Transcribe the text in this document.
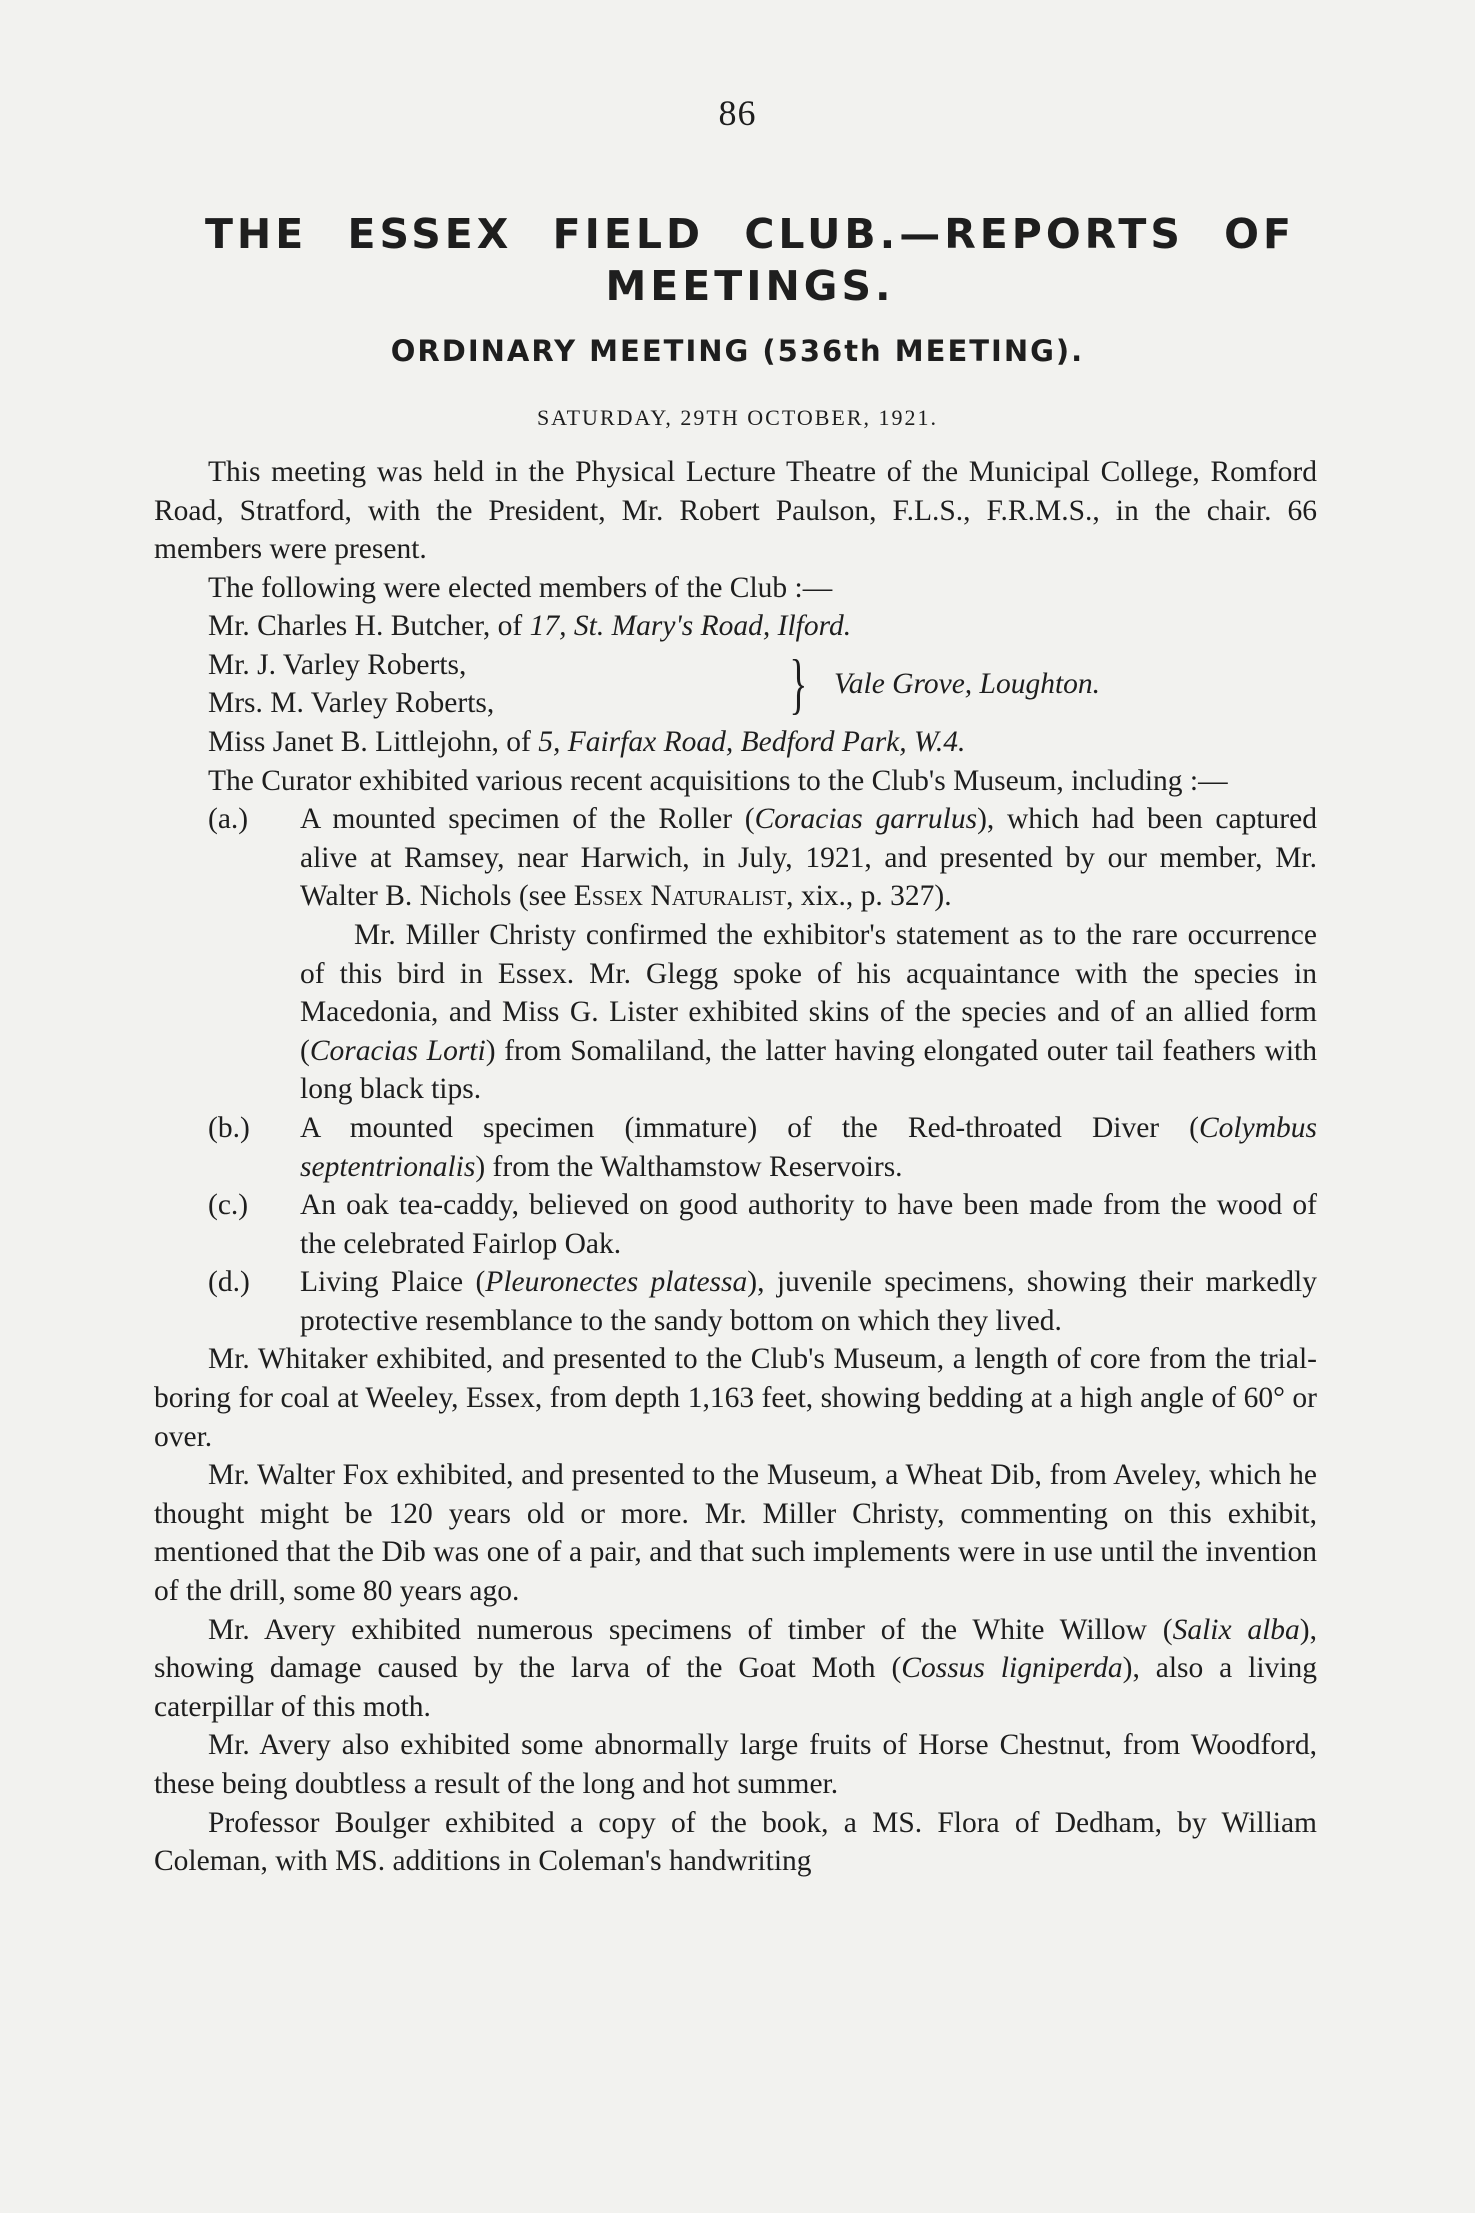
86
THE ESSEX FIELD CLUB.—REPORTS OF
MEETINGS.
ORDINARY MEETING (536th MEETING).
SATURDAY, 29TH OCTOBER, 1921.

This meeting was held in the Physical Lecture Theatre of the Municipal College, Romford Road, Stratford, with the President, Mr. Robert Paulson, F.L.S., F.R.M.S., in the chair. 66 members were present.

The following were elected members of the Club :—

Mr. Charles H. Butcher, of 17, St. Mary's Road, Ilford.
Mr. J. Varley Roberts,
Mrs. M. Varley Roberts,	} Vale Grove, Loughton.
Miss Janet B. Littlejohn, of 5, Fairfax Road, Bedford Park, W.4.

The Curator exhibited various recent acquisitions to the Club's Museum, including :—

(a.) A mounted specimen of the Roller (Coracias garrulus), which had been captured alive at Ramsey, near Harwich, in July, 1921, and presented by our member, Mr. Walter B. Nichols (see Essex Naturalist, xix., p. 327).

Mr. Miller Christy confirmed the exhibitor's statement as to the rare occurrence of this bird in Essex. Mr. Glegg spoke of his acquaintance with the species in Macedonia, and Miss G. Lister exhibited skins of the species and of an allied form (Coracias Lorti) from Somaliland, the latter having elongated outer tail feathers with long black tips.

(b.) A mounted specimen (immature) of the Red-throated Diver (Colymbus septentrionalis) from the Walthamstow Reservoirs.

(c.) An oak tea-caddy, believed on good authority to have been made from the wood of the celebrated Fairlop Oak.

(d.) Living Plaice (Pleuronectes platessa), juvenile specimens, showing their markedly protective resemblance to the sandy bottom on which they lived.

Mr. Whitaker exhibited, and presented to the Club's Museum, a length of core from the trial-boring for coal at Weeley, Essex, from depth 1,163 feet, showing bedding at a high angle of 60° or over.

Mr. Walter Fox exhibited, and presented to the Museum, a Wheat Dib, from Aveley, which he thought might be 120 years old or more. Mr. Miller Christy, commenting on this exhibit, mentioned that the Dib was one of a pair, and that such implements were in use until the invention of the drill, some 80 years ago.

Mr. Avery exhibited numerous specimens of timber of the White Willow (Salix alba), showing damage caused by the larva of the Goat Moth (Cossus ligniperda), also a living caterpillar of this moth.

Mr. Avery also exhibited some abnormally large fruits of Horse Chestnut, from Woodford, these being doubtless a result of the long and hot summer.

Professor Boulger exhibited a copy of the book, a MS. Flora of Dedham, by William Coleman, with MS. additions in Coleman's handwriting
